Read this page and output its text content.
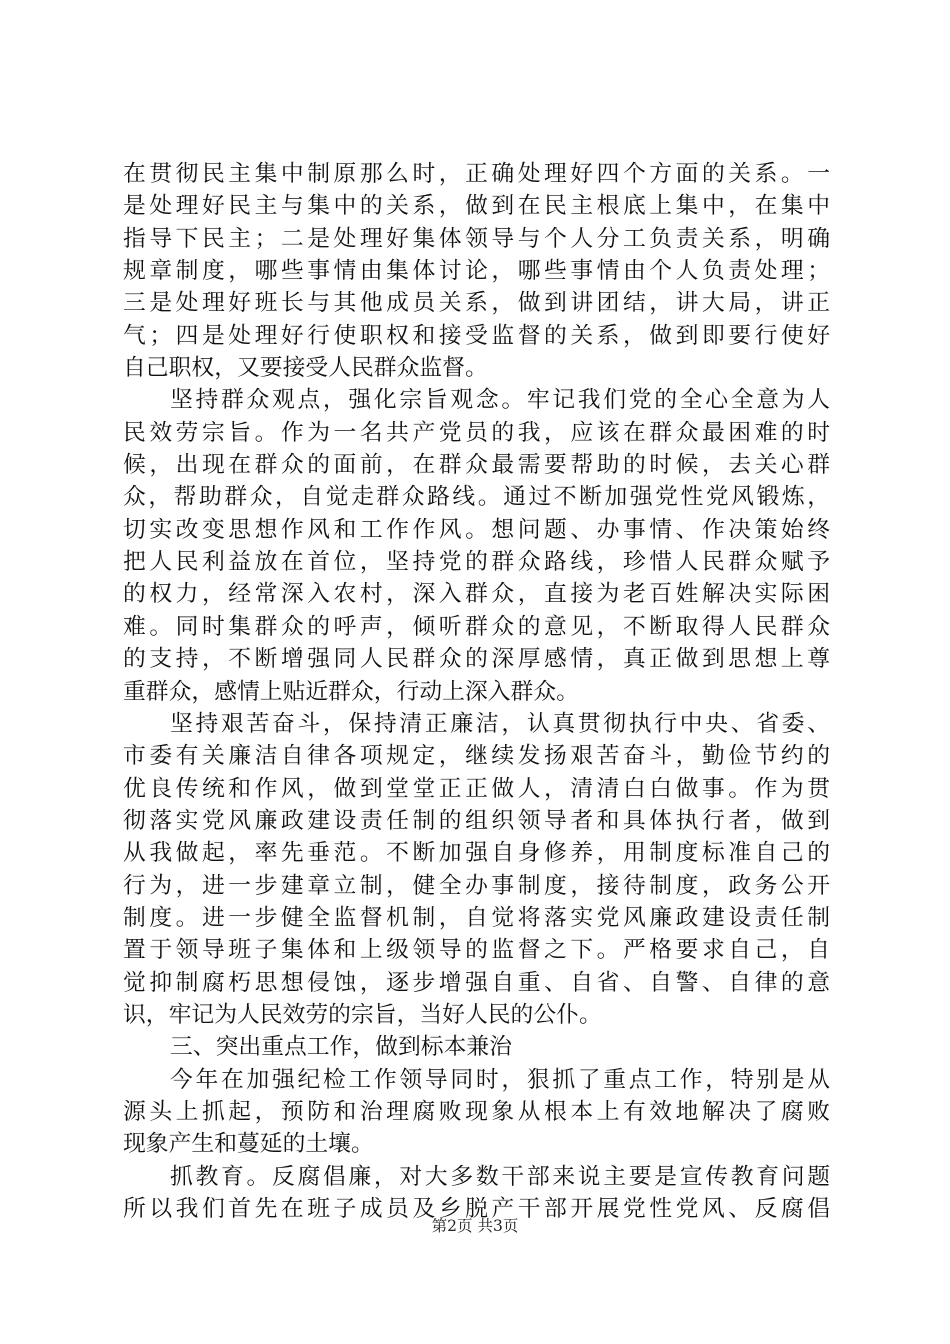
在贯彻民主集中制原那么时，正确处理好四个方面的关系。一
是处理好民主与集中的关系，做到在民主根底上集中，在集中
指导下民主；二是处理好集体领导与个人分工负责关系，明确
规章制度，哪些事情由集体讨论，哪些事情由个人负责处理；
三是处理好班长与其他成员关系，做到讲团结，讲大局，讲正
气；四是处理好行使职权和接受监督的关系，做到即要行使好
自己职权，又要接受人民群众监督。
坚持群众观点，强化宗旨观念。牢记我们党的全心全意为人
民效劳宗旨。作为一名共产党员的我，应该在群众最困难的时
候，出现在群众的面前，在群众最需要帮助的时候，去关心群
众，帮助群众，自觉走群众路线。通过不断加强党性党风锻炼，
切实改变思想作风和工作作风。想问题、办事情、作决策始终
把人民利益放在首位，坚持党的群众路线，珍惜人民群众赋予
的权力，经常深入农村，深入群众，直接为老百姓解决实际困
难。同时集群众的呼声，倾听群众的意见，不断取得人民群众
的支持，不断增强同人民群众的深厚感情，真正做到思想上尊
重群众，感情上贴近群众，行动上深入群众。
坚持艰苦奋斗，保持清正廉洁，认真贯彻执行中央、省委、
市委有关廉洁自律各项规定，继续发扬艰苦奋斗，勤俭节约的
优良传统和作风，做到堂堂正正做人，清清白白做事。作为贯
彻落实党风廉政建设责任制的组织领导者和具体执行者，做到
从我做起，率先垂范。不断加强自身修养，用制度标准自己的
行为，进一步建章立制，健全办事制度，接待制度，政务公开
制度。进一步健全监督机制，自觉将落实党风廉政建设责任制
置于领导班子集体和上级领导的监督之下。严格要求自己，自
觉抑制腐朽思想侵蚀，逐步增强自重、自省、自警、自律的意
识，牢记为人民效劳的宗旨，当好人民的公仆。
三、突出重点工作，做到标本兼治
今年在加强纪检工作领导同时，狠抓了重点工作，特别是从
源头上抓起，预防和治理腐败现象从根本上有效地解决了腐败
现象产生和蔓延的土壤。
抓教育。反腐倡廉，对大多数干部来说主要是宣传教育问题
所以我们首先在班子成员及乡脱产干部开展党性党风、反腐倡
第2页 共3页
